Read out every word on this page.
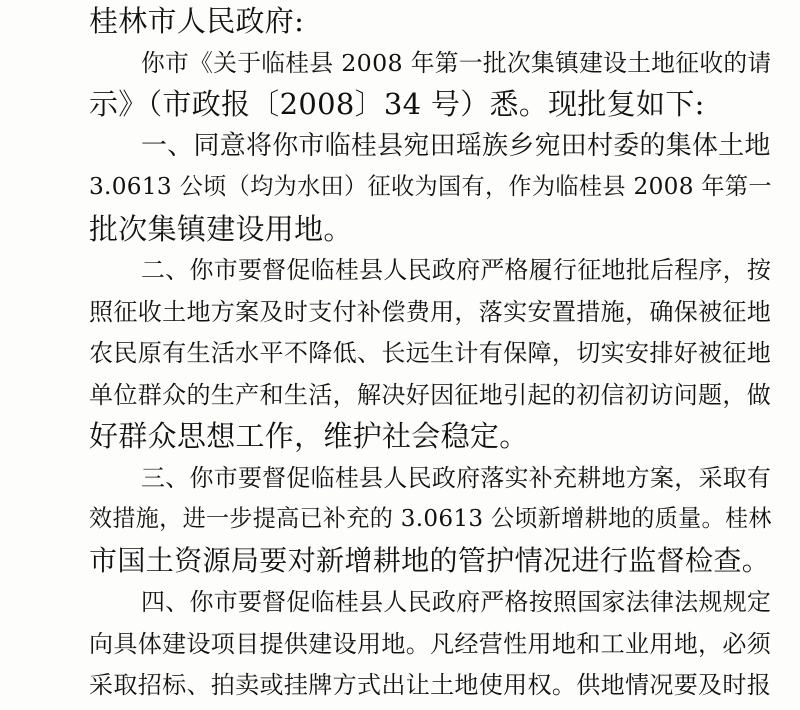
桂林市人民政府:
你市《关于临桂县 2008 年第一批次集镇建设土地征收的请
示》（市政报〔2008〕34 号）悉。现批复如下:
一、同意将你市临桂县宛田瑶族乡宛田村委的集体土地
3.0613 公顷（均为水田）征收为国有，作为临桂县 2008 年第一
批次集镇建设用地。
二、你市要督促临桂县人民政府严格履行征地批后程序，按
照征收土地方案及时支付补偿费用，落实安置措施，确保被征地
农民原有生活水平不降低、长远生计有保障，切实安排好被征地
单位群众的生产和生活，解决好因征地引起的初信初访问题，做
好群众思想工作，维护社会稳定。
三、你市要督促临桂县人民政府落实补充耕地方案，采取有
效措施，进一步提高已补充的 3.0613 公顷新增耕地的质量。桂林
市国土资源局要对新增耕地的管护情况进行监督检查。
四、你市要督促临桂县人民政府严格按照国家法律法规规定
向具体建设项目提供建设用地。凡经营性用地和工业用地，必须
采取招标、拍卖或挂牌方式出让土地使用权。供地情况要及时报
